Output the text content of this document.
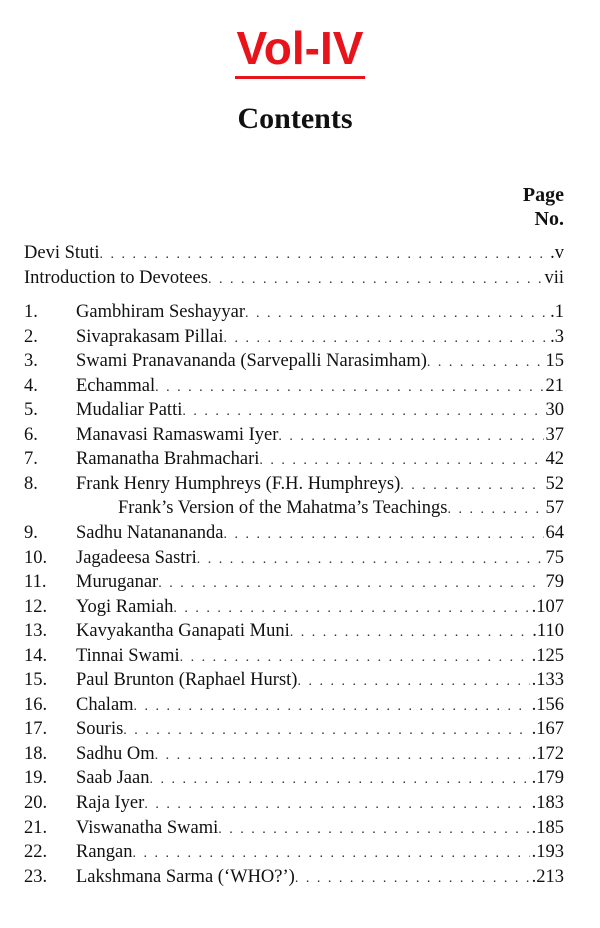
Vol-IV
Contents
Page
No.
Devi Stuti . . .	.v
Introduction to Devotees . . .	vii
1.	Gambhiram Seshayyar . . .	.1
2.	Sivaprakasam Pillai . . .	.3
3.	Swami Pranavananda (Sarvepalli Narasimham) . . .	15
4.	Echammal . . .	21
5.	Mudaliar Patti . . .	30
6.	Manavasi Ramaswami Iyer . . .	37
7.	Ramanatha Brahmachari . . .	42
8.	Frank Henry Humphreys (F.H. Humphreys) . . .	52
Frank’s Version of the Mahatma’s Teachings . . .	57
9.	Sadhu Natanananda . . .	64
10.	Jagadeesa Sastri . . .	75
11.	Muruganar . . .	79
12.	Yogi Ramiah . . .	.107
13.	Kavyakantha Ganapati Muni . . .	.110
14.	Tinnai Swami . . .	.125
15.	Paul Brunton (Raphael Hurst) . . .	.133
16.	Chalam . . .	.156
17.	Souris . . .	.167
18.	Sadhu Om . . .	.172
19.	Saab Jaan . . .	.179
20.	Raja Iyer . . .	.183
21.	Viswanatha Swami . . .	.185
22.	Rangan . . .	.193
23.	Lakshmana Sarma (‘WHO?’) . . .	.213
